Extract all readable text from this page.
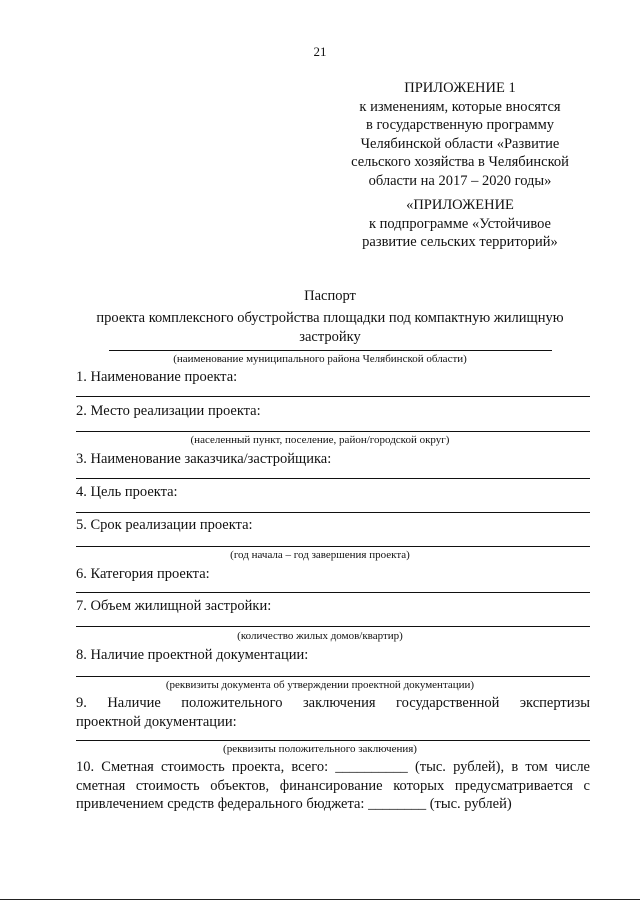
21
ПРИЛОЖЕНИЕ 1
к изменениям, которые вносятся
в государственную программу
Челябинской области «Развитие
сельского хозяйства в Челябинской
области на 2017 – 2020 годы»
«ПРИЛОЖЕНИЕ
к подпрограмме «Устойчивое
развитие сельских территорий»
Паспорт
проекта комплексного обустройства площадки под компактную жилищную
застройку
(наименование муниципального района Челябинской области)
1. Наименование проекта:
2. Место реализации проекта:
(населенный пункт, поселение, район/городской округ)
3. Наименование заказчика/застройщика:
4. Цель проекта:
5. Срок реализации проекта:
(год начала – год завершения проекта)
6. Категория проекта:
7. Объем жилищной застройки:
(количество жилых домов/квартир)
8. Наличие проектной документации:
(реквизиты документа об утверждении проектной документации)
9. Наличие положительного заключения государственной экспертизы
проектной документации:
(реквизиты положительного заключения)
10. Сметная стоимость проекта, всего: __________ (тыс. рублей), в том числе
сметная стоимость объектов, финансирование которых предусматривается с
привлечением средств федерального бюджета: ________ (тыс. рублей)
